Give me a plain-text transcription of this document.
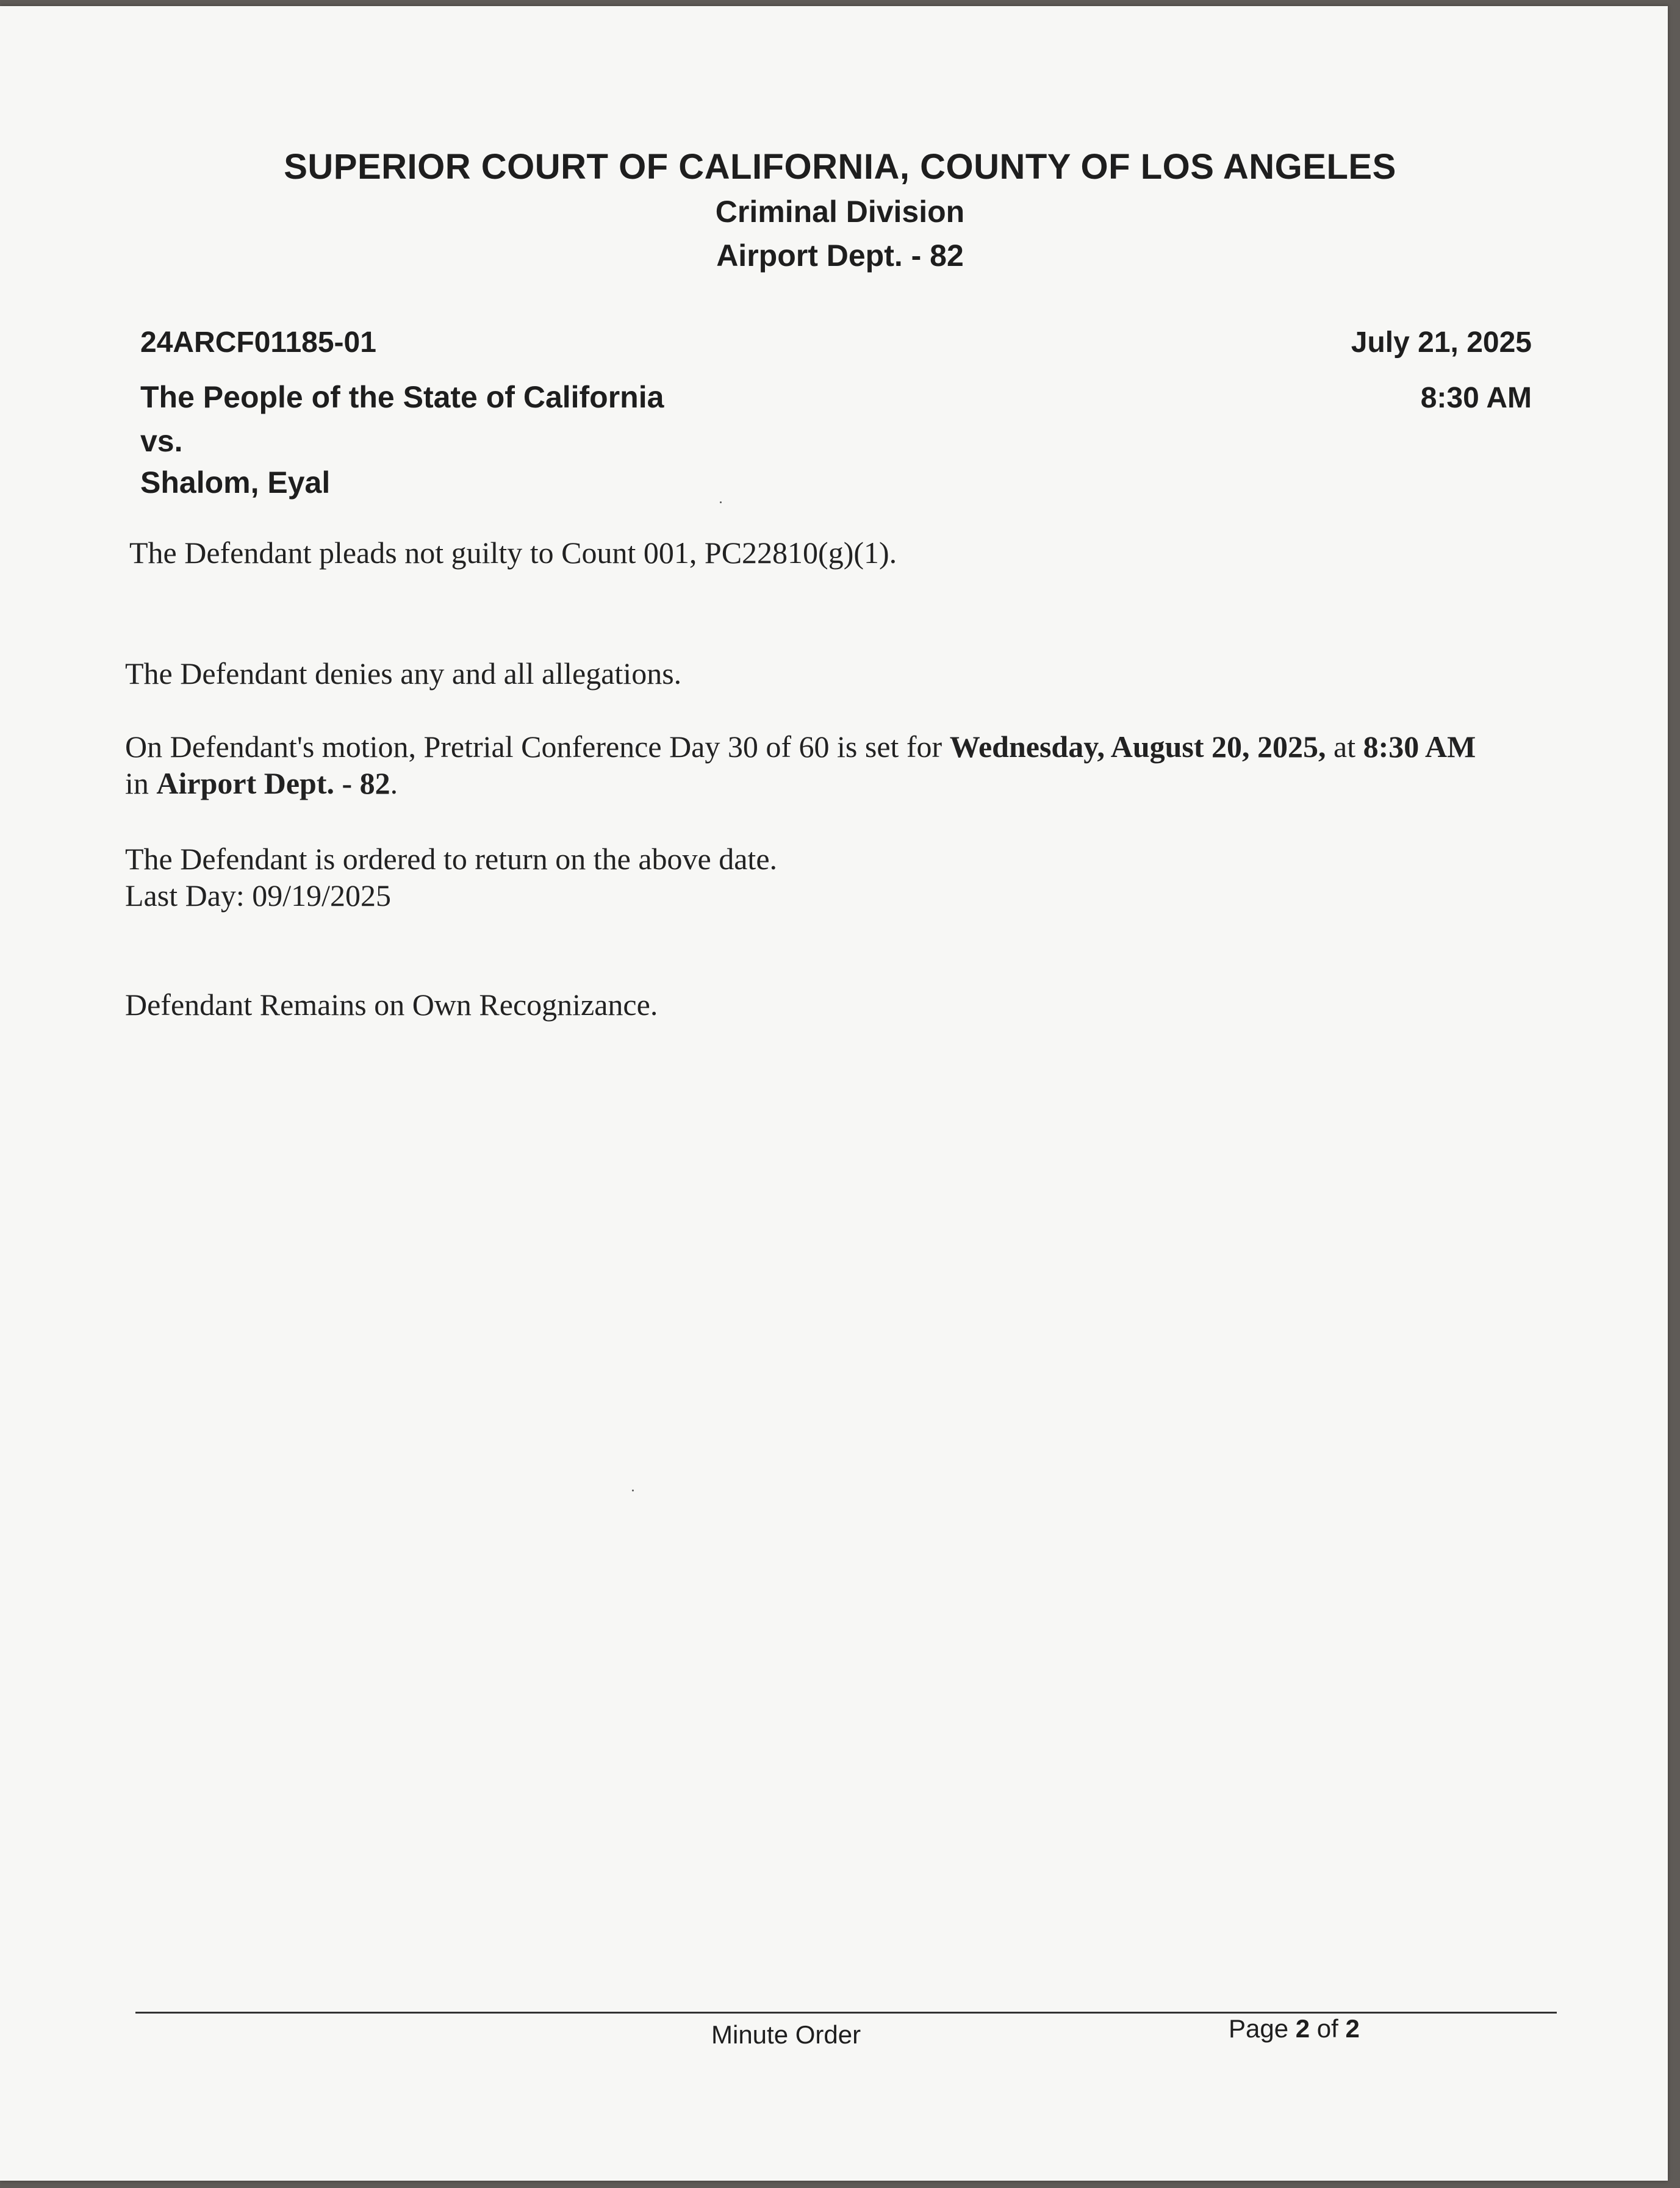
SUPERIOR COURT OF CALIFORNIA, COUNTY OF LOS ANGELES
Criminal Division
Airport Dept. - 82
24ARCF01185-01	July 21, 2025
8:30 AM
The People of the State of California
vs.
Shalom, Eyal
The Defendant pleads not guilty to Count 001, PC22810(g)(1).
The Defendant denies any and all allegations.
On Defendant's motion, Pretrial Conference Day 30 of 60 is set for Wednesday, August 20, 2025, at 8:30 AM
in Airport Dept. - 82.
The Defendant is ordered to return on the above date.
Last Day: 09/19/2025
Defendant Remains on Own Recognizance.
Minute Order	Page 2 of 2
